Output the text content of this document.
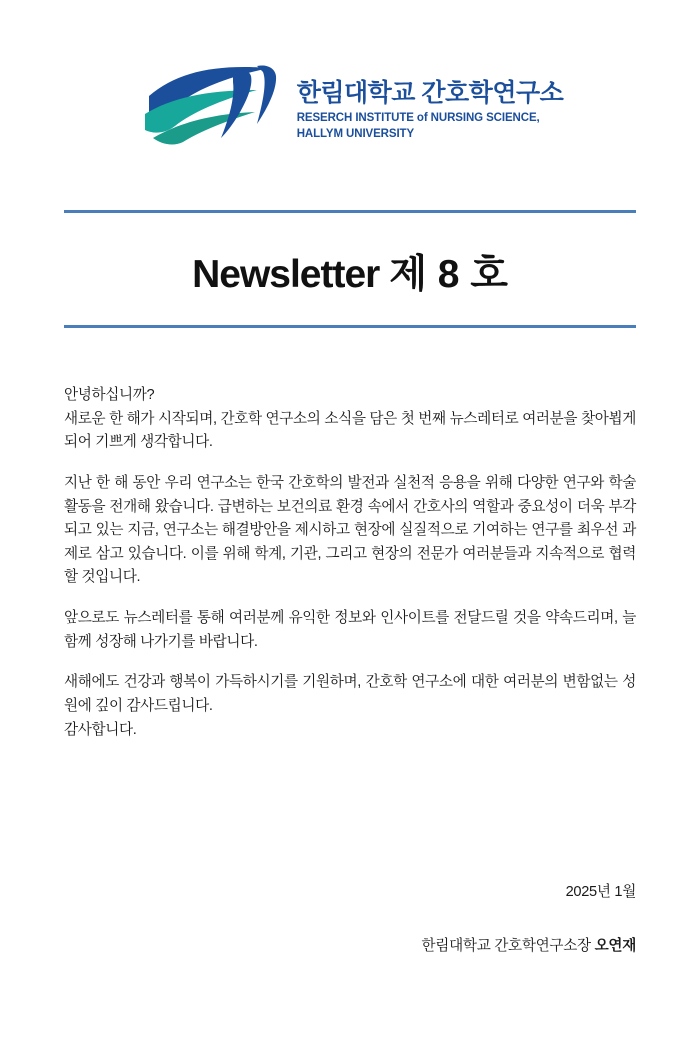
한림대학교 간호학연구소
RESERCH INSTITUTE of NURSING SCIENCE,
HALLYM UNIVERSITY
Newsletter 제 8 호

안녕하십니까?
새로운 한 해가 시작되며, 간호학 연구소의 소식을 담은 첫 번째 뉴스레터로 여러분을 찾아뵙게 되어 기쁘게 생각합니다.

지난 한 해 동안 우리 연구소는 한국 간호학의 발전과 실천적 응용을 위해 다양한 연구와 학술 활동을 전개해 왔습니다. 급변하는 보건의료 환경 속에서 간호사의 역할과 중요성이 더욱 부각되고 있는 지금, 연구소는 해결방안을 제시하고 현장에 실질적으로 기여하는 연구를 최우선 과제로 삼고 있습니다. 이를 위해 학계, 기관, 그리고 현장의 전문가 여러분들과 지속적으로 협력할 것입니다.

앞으로도 뉴스레터를 통해 여러분께 유익한 정보와 인사이트를 전달드릴 것을 약속드리며, 늘 함께 성장해 나가기를 바랍니다.

새해에도 건강과 행복이 가득하시기를 기원하며, 간호학 연구소에 대한 여러분의 변함없는 성원에 깊이 감사드립니다.
감사합니다.

2025년 1월
한림대학교 간호학연구소장 오연재
